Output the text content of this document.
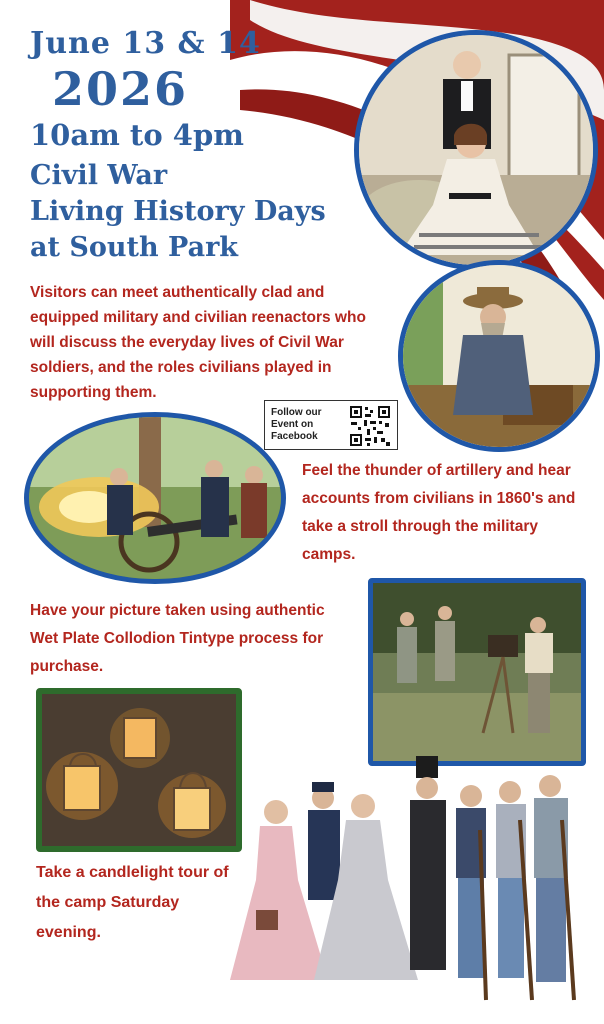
June 13 & 14
2026
10am to 4pm
Civil War
Living History Days
at South Park
Visitors can meet authentically clad and
equipped military and civilian reenactors who
will discuss the everyday lives of Civil War
soldiers, and the roles civilians played in
supporting them.
Follow our
Event on
Facebook
Feel the thunder of artillery and hear
accounts from civilians in 1860's and
take a stroll through the military
camps.
Have your picture taken using authentic
Wet Plate Collodion Tintype process for
purchase.
Take a candlelight tour of
the camp Saturday
evening.
